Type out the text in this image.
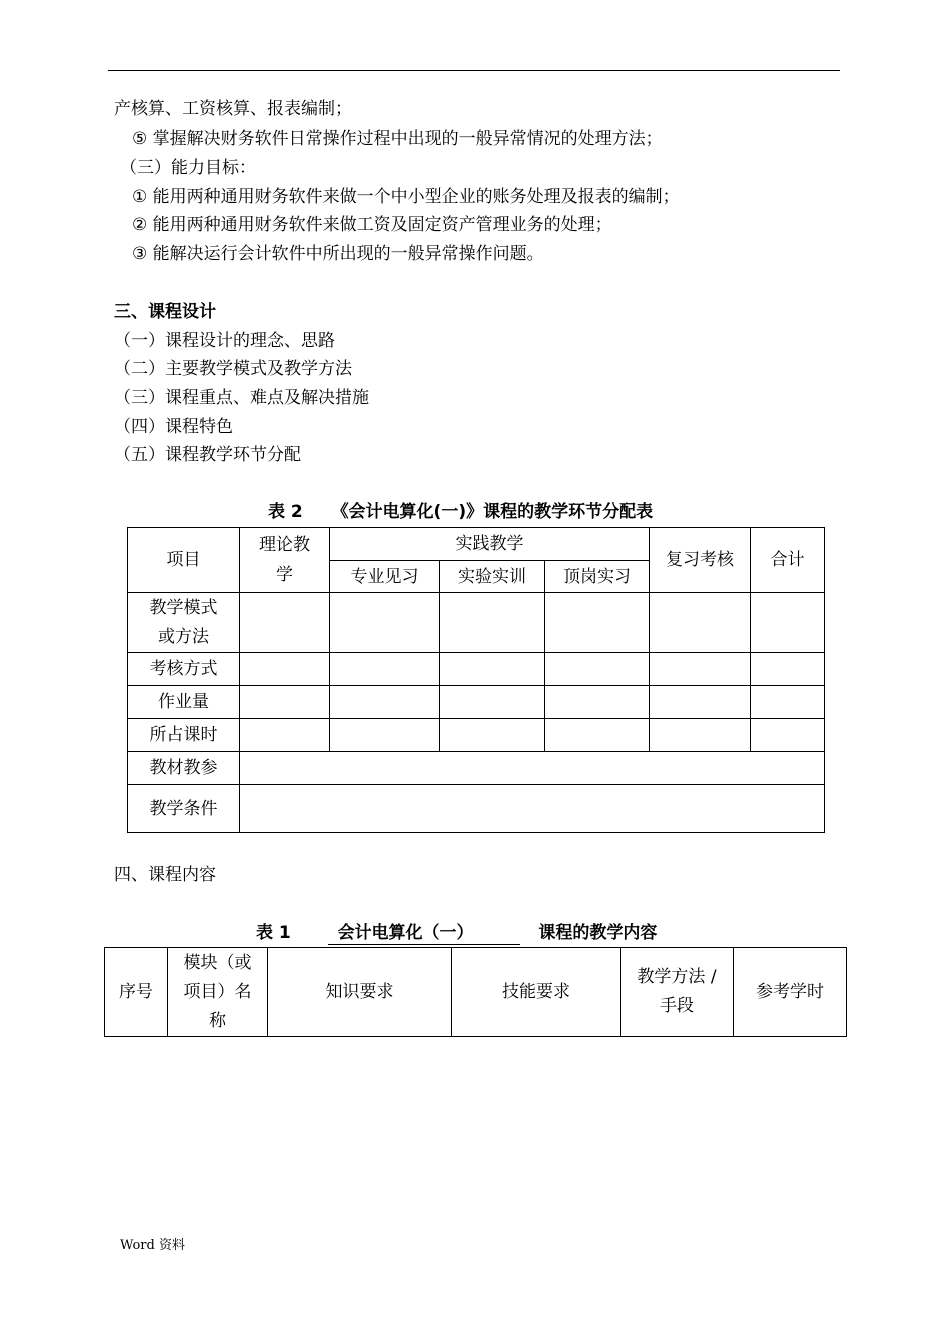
产核算、工资核算、报表编制；
⑤ 掌握解决财务软件日常操作过程中出现的一般异常情况的处理方法；
（三）能力目标：
① 能用两种通用财务软件来做一个中小型企业的账务处理及报表的编制；
② 能用两种通用财务软件来做工资及固定资产管理业务的处理；
③ 能解决运行会计软件中所出现的一般异常操作问题。
三、课程设计
（一）课程设计的理念、思路
（二）主要教学模式及教学方法
（三）课程重点、难点及解决措施
（四）课程特色
（五）课程教学环节分配
表 2 《会计电算化(一)》课程的教学环节分配表
项目	理论教学	实践教学			复习考核	合计
		专业见习	实验实训	顶岗实习		
教学模式或方法						
考核方式						
作业量						
所占课时						
教材教参						
教学条件						
四、课程内容
表 1	会计电算化（一）	课程的教学内容
序号	模块（或项目）名称	知识要求	技能要求	教学方法 / 手段	参考学时
Word 资料
